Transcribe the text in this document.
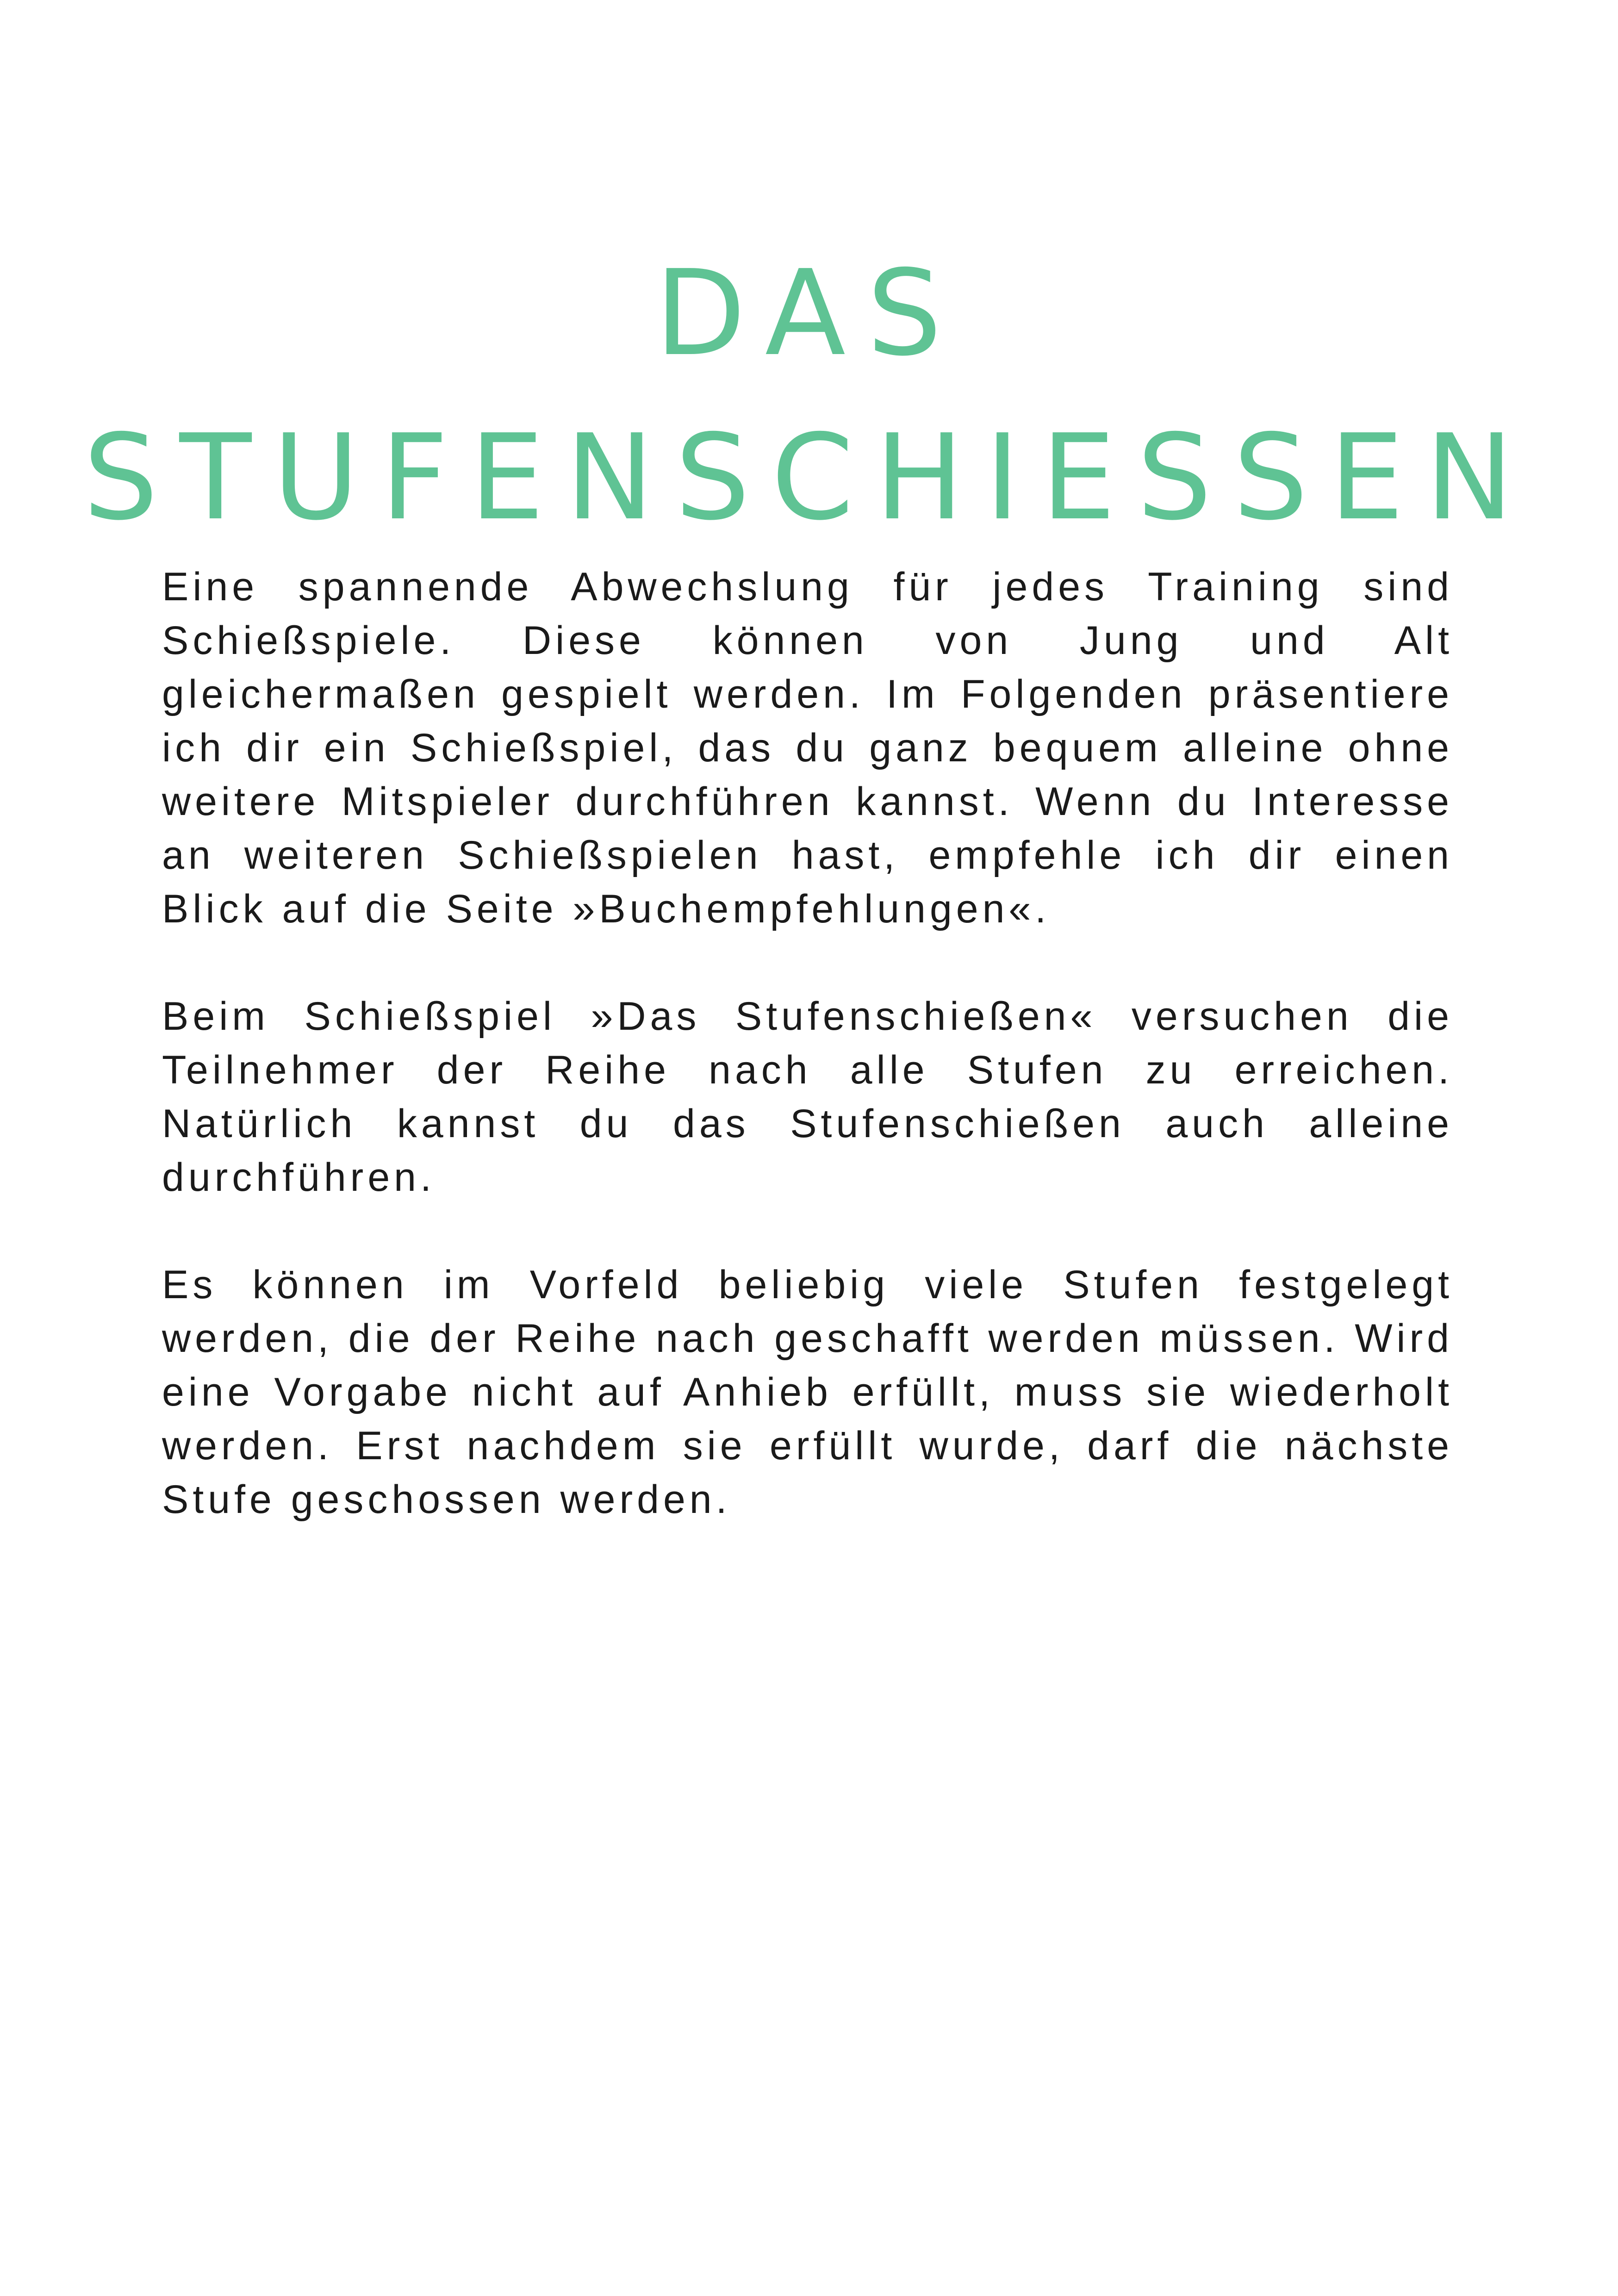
DAS
STUFENSCHIESSEN

Eine spannende Abwechslung für jedes Training sind Schießspiele. Diese können von Jung und Alt gleichermaßen gespielt werden. Im Folgenden präsentiere ich dir ein Schießspiel, das du ganz bequem alleine ohne weitere Mitspieler durchführen kannst. Wenn du Interesse an weiteren Schießspielen hast, empfehle ich dir einen Blick auf die Seite »Buchempfehlungen«.

Beim Schießspiel »Das Stufenschießen« versuchen die Teilnehmer der Reihe nach alle Stufen zu erreichen. Natürlich kannst du das Stufenschießen auch alleine durchführen.

Es können im Vorfeld beliebig viele Stufen festgelegt werden, die der Reihe nach geschafft werden müssen. Wird eine Vorgabe nicht auf Anhieb erfüllt, muss sie wiederholt werden. Erst nachdem sie erfüllt wurde, darf die nächste Stufe geschossen werden.
